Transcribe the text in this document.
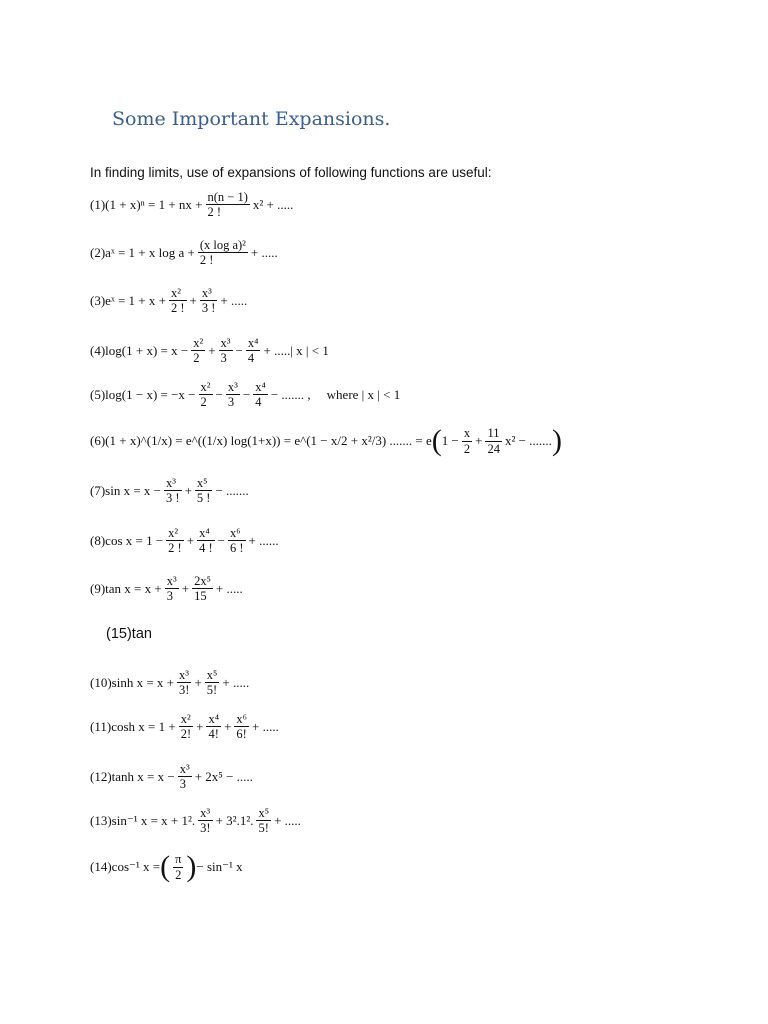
Some Important Expansions.

In finding limits, use of expansions of following functions are useful:

(1) (1 + x)ⁿ = 1 + nx + $\frac{n(n - 1)}{2 !} x^2$ + .....
(2) aˣ = 1 + x $\log a + \frac{\text{(x log a)²}}{2 !}$ + .....
(3) eˣ = $1 + x + \frac{\text{x²}}{2 !} + \frac{\text{x³}}{3 !}$ + .....
(4) $\log(1 + x) = x - \frac{\text{x²}}{2} + \frac{\text{x³}}{3} - \frac{\text{x⁴}}{4}$ + .....| x | < 1
(5) $\log(1 - x) = -x - \frac{\text{x²}}{2} - \frac{\text{x³}}{3} - \frac{\text{x⁴}}{4}$ − ....... , where | x | < 1
(6) (1 + x)^(1/x) = e^((1/x) log(1+x)) = e^(1 − x/2 + x²/3) ....... = e ( $1 - \frac{x}{2} + \frac{11}{24} x^2$ − ....... )
(7) $\sin x = x - \frac{\text{x³}}{3 !} + \frac{\text{x⁵}}{5 !}$ − .......
(8) $\cos x = 1 - \frac{\text{x²}}{2 !} + \frac{\text{x⁴}}{4 !} - \frac{\text{x⁶}}{6 !}$ + ......
(9) $\tan x = x + \frac{\text{x³}}{3} + \frac{\text{2x⁵}}{15}$ + .....

(15)tan

(10) $\sinh x = x + \frac{\text{x³}}{3!} + \frac{\text{x⁵}}{5!}$ + .....
(11) $\cosh x = 1 + \frac{\text{x²}}{2!} + \frac{\text{x⁴}}{4!} + \frac{\text{x⁶}}{6!}$ + .....
(12) $\tanh x = x - \frac{\text{x³}}{3} + 2x^5$ − .....
(13) sin⁻¹ x = x + 1². $\frac{\text{x³}}{3!} + 3^2.1^2$. $\frac{\text{x⁵}}{5!}$ + .....
(14) cos⁻¹ x = ( $\frac{\pi}{2}$ ) − sin⁻¹ x
